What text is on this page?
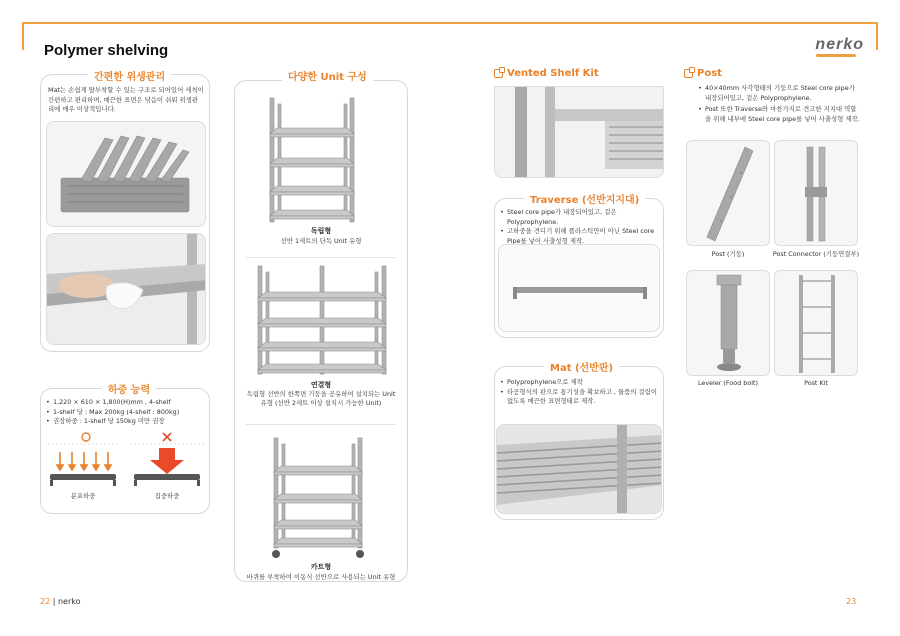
Polymer shelving	nerko
간편한 위생관리
Mat는 손쉽게 탈부착할 수 있는 구조로 되어있어 세척이 간편하고 편리하며, 매끈한 표면은 닦음이 쉬워 위생관리에 매우 이상적입니다.
하중 능력
• 1,220 × 610 × 1,800(H)mm , 4-shelf
• 1-shelf 당 : Max 200kg (4-shelf : 800kg)
• 권장하중 : 1-shelf 당 150kg 미만 권장
분포하중	집중하중
다양한 Unit 구성
독립형
선반 1세트의 단독 Unit 유형
연결형
독립형 선반의 한쪽면 기둥을 공유하여 설치되는 Unit 유형 (선반 2세트 이상 설치시 가능한 Unit)
카트형
바퀴를 부착하여 이동식 선반으로 사용되는 Unit 유형
22 | nerko
Vented Shelf Kit
Traverse (선반지지대)
• Steel core pipe가 내장되어있고, 겉은 Polyprophylene.
• 고하중을 견디기 위해 플라스틱만이 아닌 Steel core Pipe를 넣어 사출성형 제작.
Mat (선반판)
• Polyprophylene으로 제작
• 타공형식의 판으로 통기성을 확보하고 , 물품의 걸림이 없도록 매끈한 표면형태로 제작.
Post
• 40×40mm 사각형태의 기둥으로 Steel core pipe가 내장되어있고, 겉은 Polyprophylene.
• Post 또한 Traverse와 마찬가지로 견고한 지지대 역할을 위해 내부에 Steel core pipe를 넣어 사출성형 제작.
Post (기둥)	Post Connector (기둥연결부)
Leveler (Food bolt)	Post Kit
23
